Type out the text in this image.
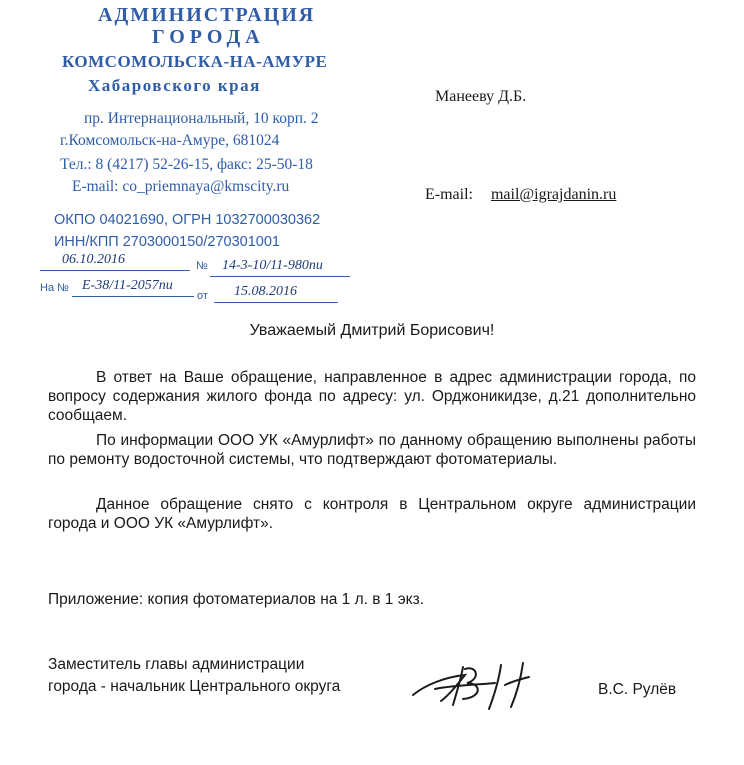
АДМИНИСТРАЦИЯ
ГОРОДА
КОМСОМОЛЬСКА-НА-АМУРЕ
Хабаровского края
пр. Интернациональный, 10 корп. 2
г.Комсомольск-на-Амуре, 681024
Тел.: 8 (4217) 52-26-15, факс: 25-50-18
E-mail: co_priemnaya@kmscity.ru
ОКПО 04021690, ОГРН 1032700030362
ИНН/КПП 2703000150/270301001
06.10.2016	№ 14-3-10/11-980пи
На № Е-38/11-2057пи
от 15.08.2016
Манееву Д.Б.
E-mail: mail@igrajdanin.ru
Уважаемый Дмитрий Борисович!
В ответ на Ваше обращение, направленное в адрес администрации города, по вопросу содержания жилого фонда по адресу: ул. Орджоникидзе, д.21 дополнительно сообщаем.
По информации ООО УК «Амурлифт» по данному обращению выполнены работы по ремонту водосточной системы, что подтверждают фотоматериалы.
Данное обращение снято с контроля в Центральном округе администрации города и ООО УК «Амурлифт».
Приложение: копия фотоматериалов на 1 л. в 1 экз.
Заместитель главы администрации
города - начальник Центрального округа	В.С. Рулёв
